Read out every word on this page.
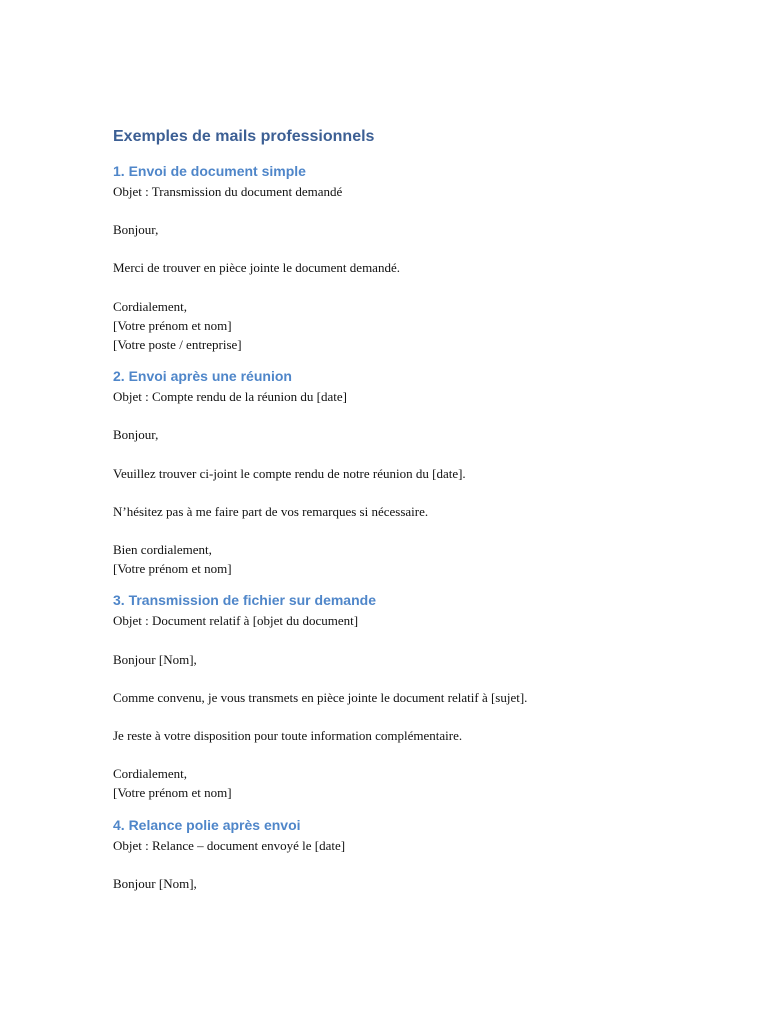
Exemples de mails professionnels
1. Envoi de document simple

Objet : Transmission du document demandé

Bonjour,

Merci de trouver en pièce jointe le document demandé.

Cordialement,
[Votre prénom et nom]
[Votre poste / entreprise]

2. Envoi après une réunion

Objet : Compte rendu de la réunion du [date]

Bonjour,

Veuillez trouver ci-joint le compte rendu de notre réunion du [date].

N’hésitez pas à me faire part de vos remarques si nécessaire.

Bien cordialement,
[Votre prénom et nom]

3. Transmission de fichier sur demande

Objet : Document relatif à [objet du document]

Bonjour [Nom],

Comme convenu, je vous transmets en pièce jointe le document relatif à [sujet].

Je reste à votre disposition pour toute information complémentaire.

Cordialement,
[Votre prénom et nom]

4. Relance polie après envoi

Objet : Relance – document envoyé le [date]

Bonjour [Nom],
